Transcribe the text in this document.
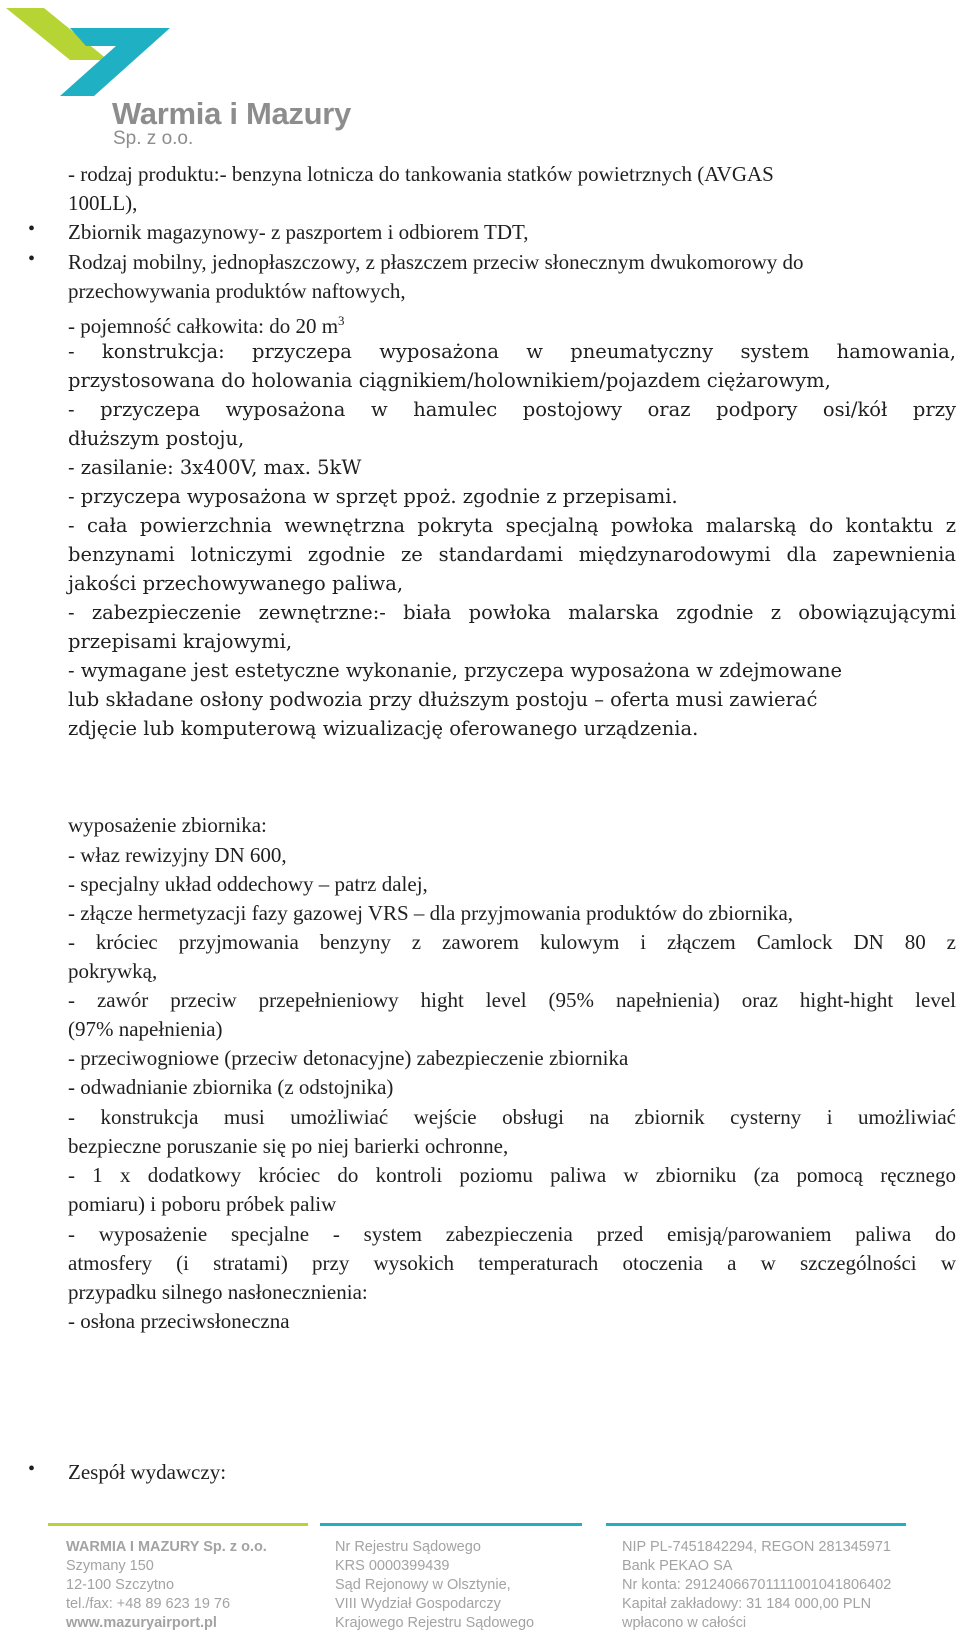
Warmia i Mazury
Sp. z o.o.
- rodzaj produktu:- benzyna lotnicza do tankowania statków powietrznych (AVGAS
100LL),
• Zbiornik magazynowy- z paszportem i odbiorem TDT,
• Rodzaj mobilny, jednopłaszczowy, z płaszczem przeciw słonecznym dwukomorowy do
przechowywania produktów naftowych,
- pojemność całkowita: do 20 $m^3$
- konstrukcja: przyczepa wyposażona w pneumatyczny system hamowania,
przystosowana do holowania ciągnikiem/holownikiem/pojazdem ciężarowym,
- przyczepa wyposażona w hamulec postojowy oraz podpory osi/kół przy
dłuższym postoju,
- zasilanie: 3x400V, max. 5kW
- przyczepa wyposażona w sprzęt ppoż. zgodnie z przepisami.
- cała powierzchnia wewnętrzna pokryta specjalną powłoka malarską do kontaktu z
benzynami lotniczymi zgodnie ze standardami międzynarodowymi dla zapewnienia
jakości przechowywanego paliwa,
- zabezpieczenie zewnętrzne:- biała powłoka malarska zgodnie z obowiązującymi
przepisami krajowymi,
- wymagane jest estetyczne wykonanie, przyczepa wyposażona w zdejmowane
lub składane osłony podwozia przy dłuższym postoju – oferta musi zawierać
zdjęcie lub komputerową wizualizację oferowanego urządzenia.
wyposażenie zbiornika:
- właz rewizyjny DN 600,
- specjalny układ oddechowy – patrz dalej,
- złącze hermetyzacji fazy gazowej VRS – dla przyjmowania produktów do zbiornika,
- króciec przyjmowania benzyny z zaworem kulowym i złączem Camlock DN 80 z
pokrywką,
- zawór przeciw przepełnieniowy hight level (95% napełnienia) oraz hight-hight level
(97% napełnienia)
- przeciwogniowe (przeciw detonacyjne) zabezpieczenie zbiornika
- odwadnianie zbiornika (z odstojnika)
- konstrukcja musi umożliwiać wejście obsługi na zbiornik cysterny i umożliwiać
bezpieczne poruszanie się po niej barierki ochronne,
- 1 x dodatkowy króciec do kontroli poziomu paliwa w zbiorniku (za pomocą ręcznego
pomiaru) i poboru próbek paliw
- wyposażenie specjalne - system zabezpieczenia przed emisją/parowaniem paliwa do
atmosfery (i stratami) przy wysokich temperaturach otoczenia a w szczególności w
przypadku silnego nasłonecznienia:
- osłona przeciwsłoneczna
• Zespół wydawczy:
WARMIA I MAZURY Sp. z o.o.
Szymany 150
12-100 Szczytno
tel./fax: +48 89 623 19 76
www.mazuryairport.pl
Nr Rejestru Sądowego
KRS 0000399439
Sąd Rejonowy w Olsztynie,
VIII Wydział Gospodarczy
Krajowego Rejestru Sądowego
NIP PL-7451842294, REGON 281345971
Bank PEKAO SA
Nr konta: 29124066701111001041806402
Kapitał zakładowy: 31 184 000,00 PLN
wpłacono w całości
